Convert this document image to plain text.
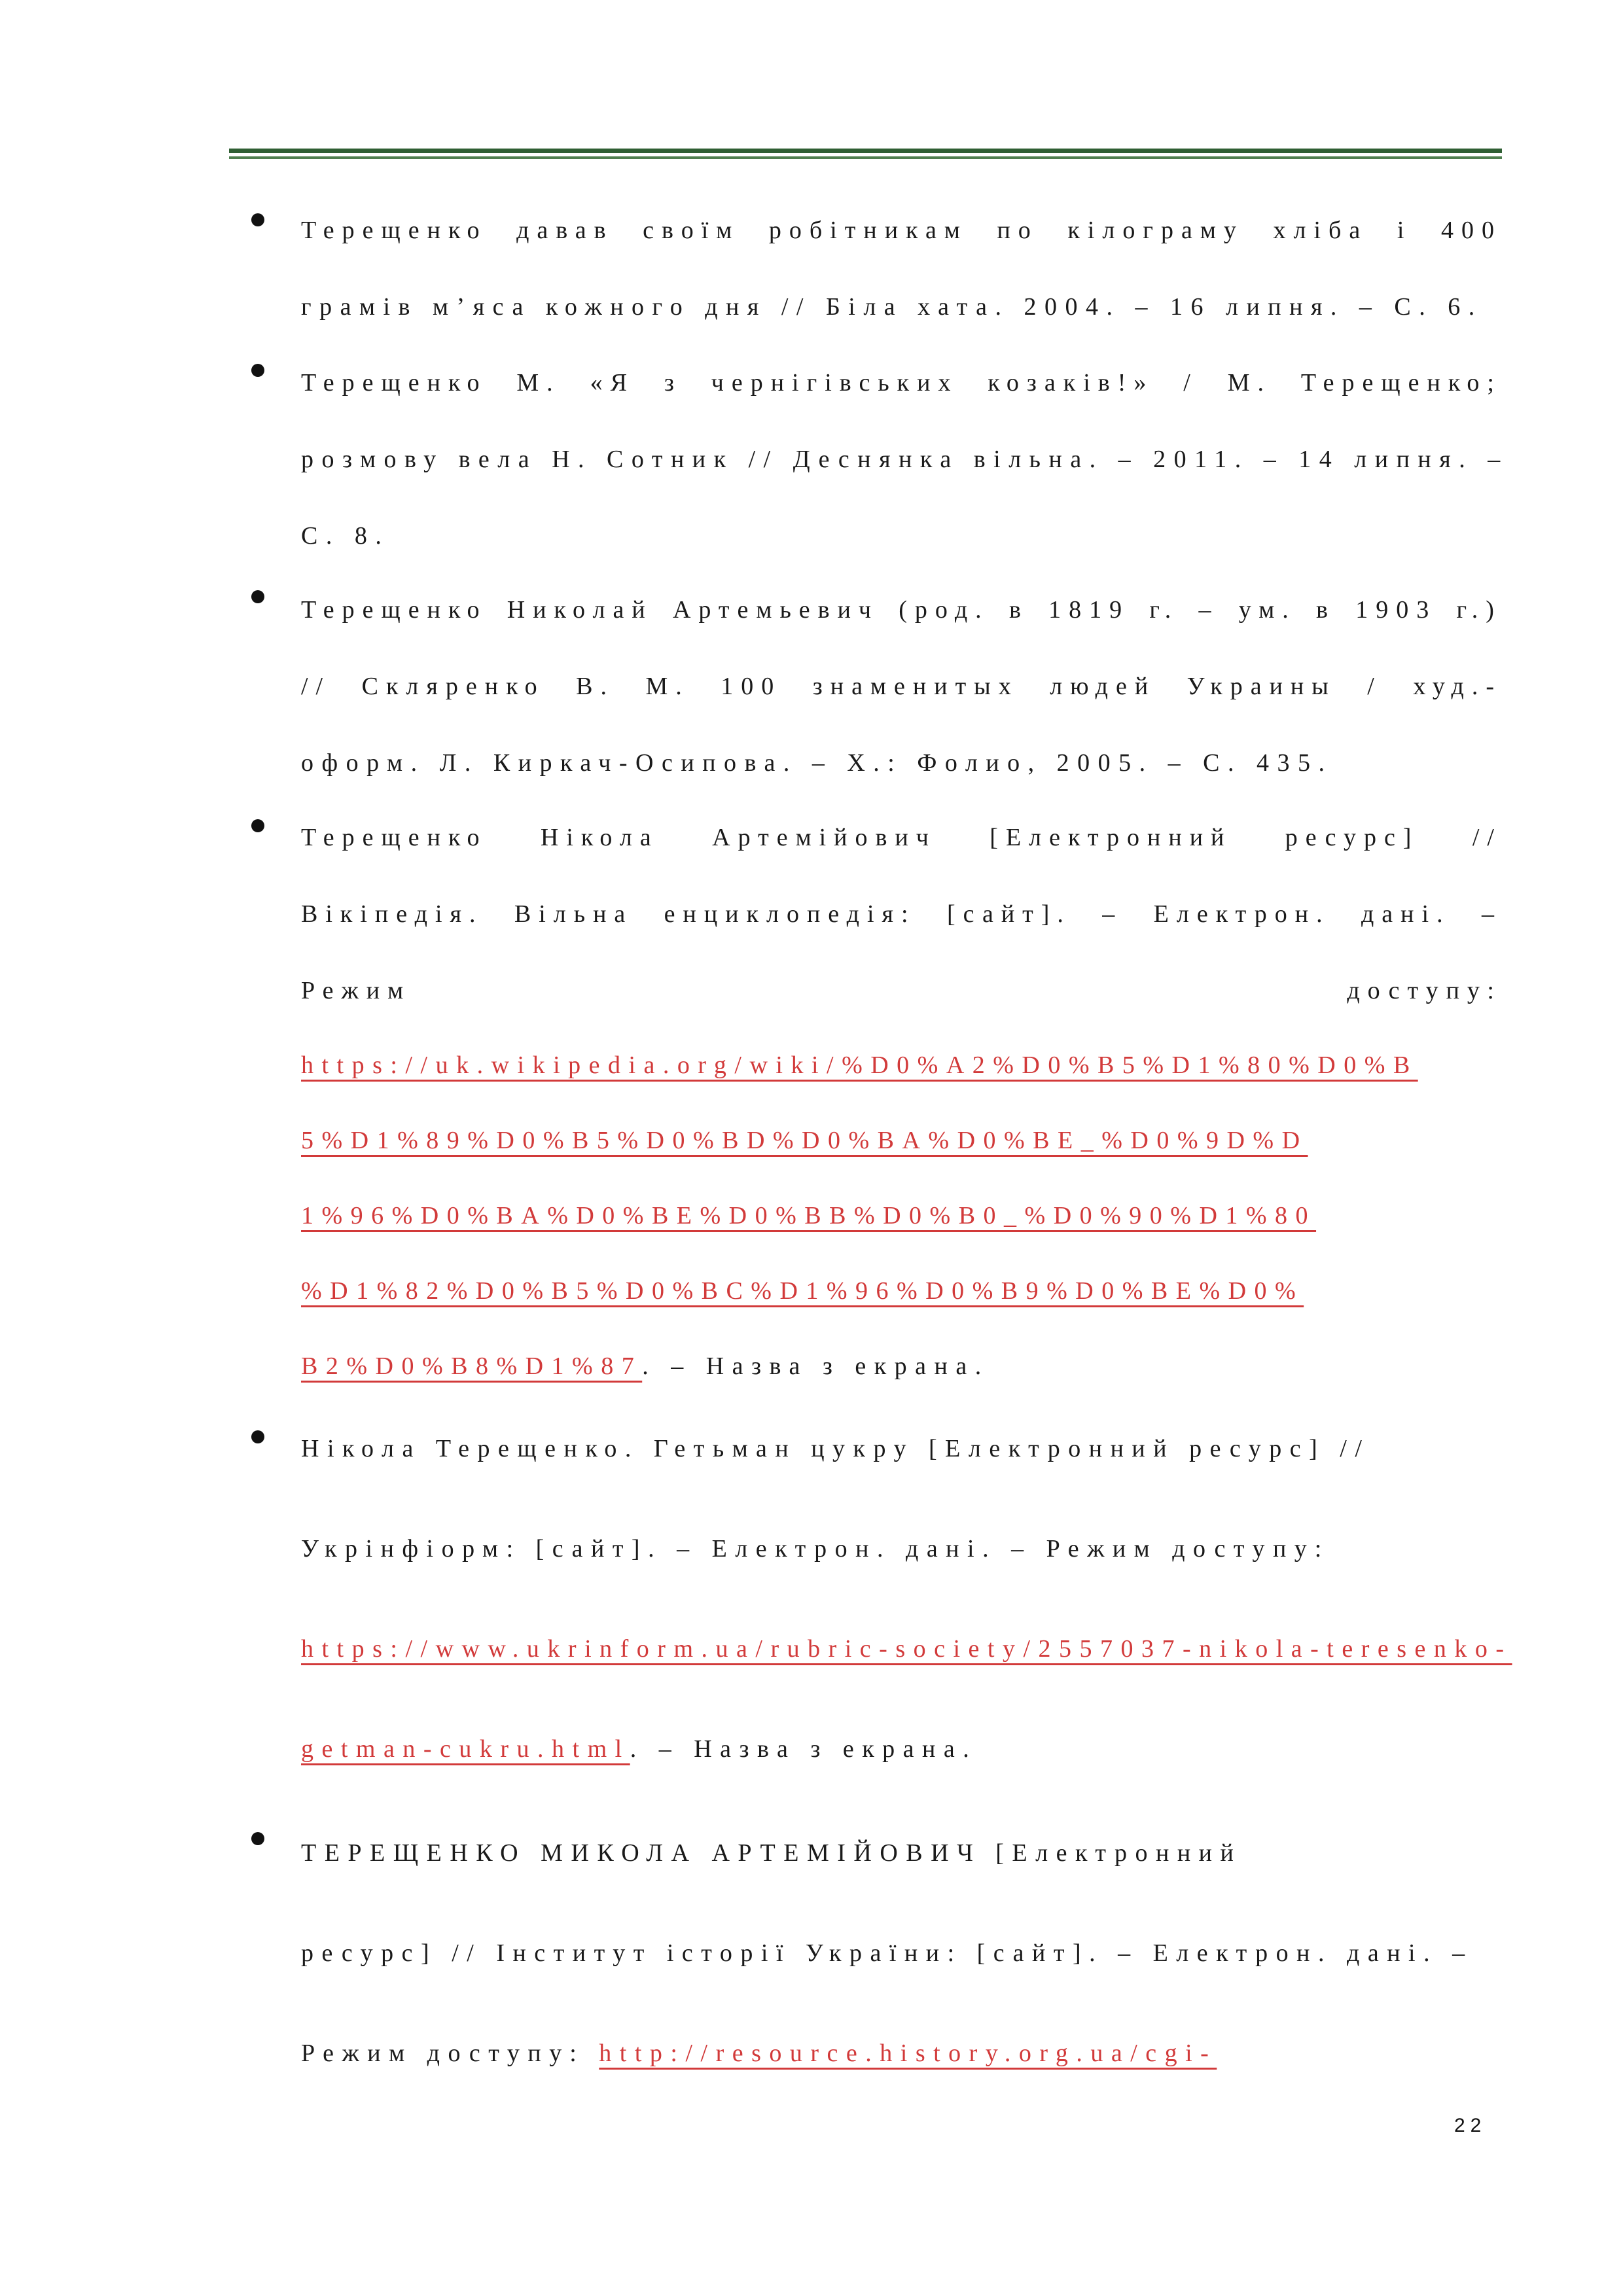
Терещенко давав своїм робітникам по кілограму хліба і 400
грамів м’яса кожного дня // Біла хата. 2004. – 16 липня. – С. 6.
Терещенко М. «Я з чернігівських козаків!» / М. Терещенко;
розмову вела Н. Сотник // Деснянка вільна. – 2011. – 14 липня. –
С. 8.
Терещенко Николай Артемьевич (род. в 1819 г. – ум. в 1903 г.)
// Скляренко В. М. 100 знаменитых людей Украины / худ.-
оформ. Л. Киркач-Осипова. – Х.: Фолио, 2005. – С. 435.
Терещенко Нікола Артемійович [Електронний ресурс] //
Вікіпедія. Вільна енциклопедія: [сайт]. – Електрон. дані. –
Режим	доступу:
https://uk.wikipedia.org/wiki/%D0%A2%D0%B5%D1%80%D0%B
5%D1%89%D0%B5%D0%BD%D0%BA%D0%BE_%D0%9D%D
1%96%D0%BA%D0%BE%D0%BB%D0%B0_%D0%90%D1%80
%D1%82%D0%B5%D0%BC%D1%96%D0%B9%D0%BE%D0%
B2%D0%B8%D1%87. – Назва з екрана.
Нікола Терещенко. Гетьман цукру [Електронний ресурс] //
Укрінфіорм: [сайт]. – Електрон. дані. – Режим доступу:
https://www.ukrinform.ua/rubric-society/2557037-nikola-teresenko-
getman-cukru.html. – Назва з екрана.
ТЕРЕЩЕНКО МИКОЛА АРТЕМІЙОВИЧ [Електронний
ресурс] // Інститут історії України: [сайт]. – Електрон. дані. –
Режим доступу: http://resource.history.org.ua/cgi-
22
